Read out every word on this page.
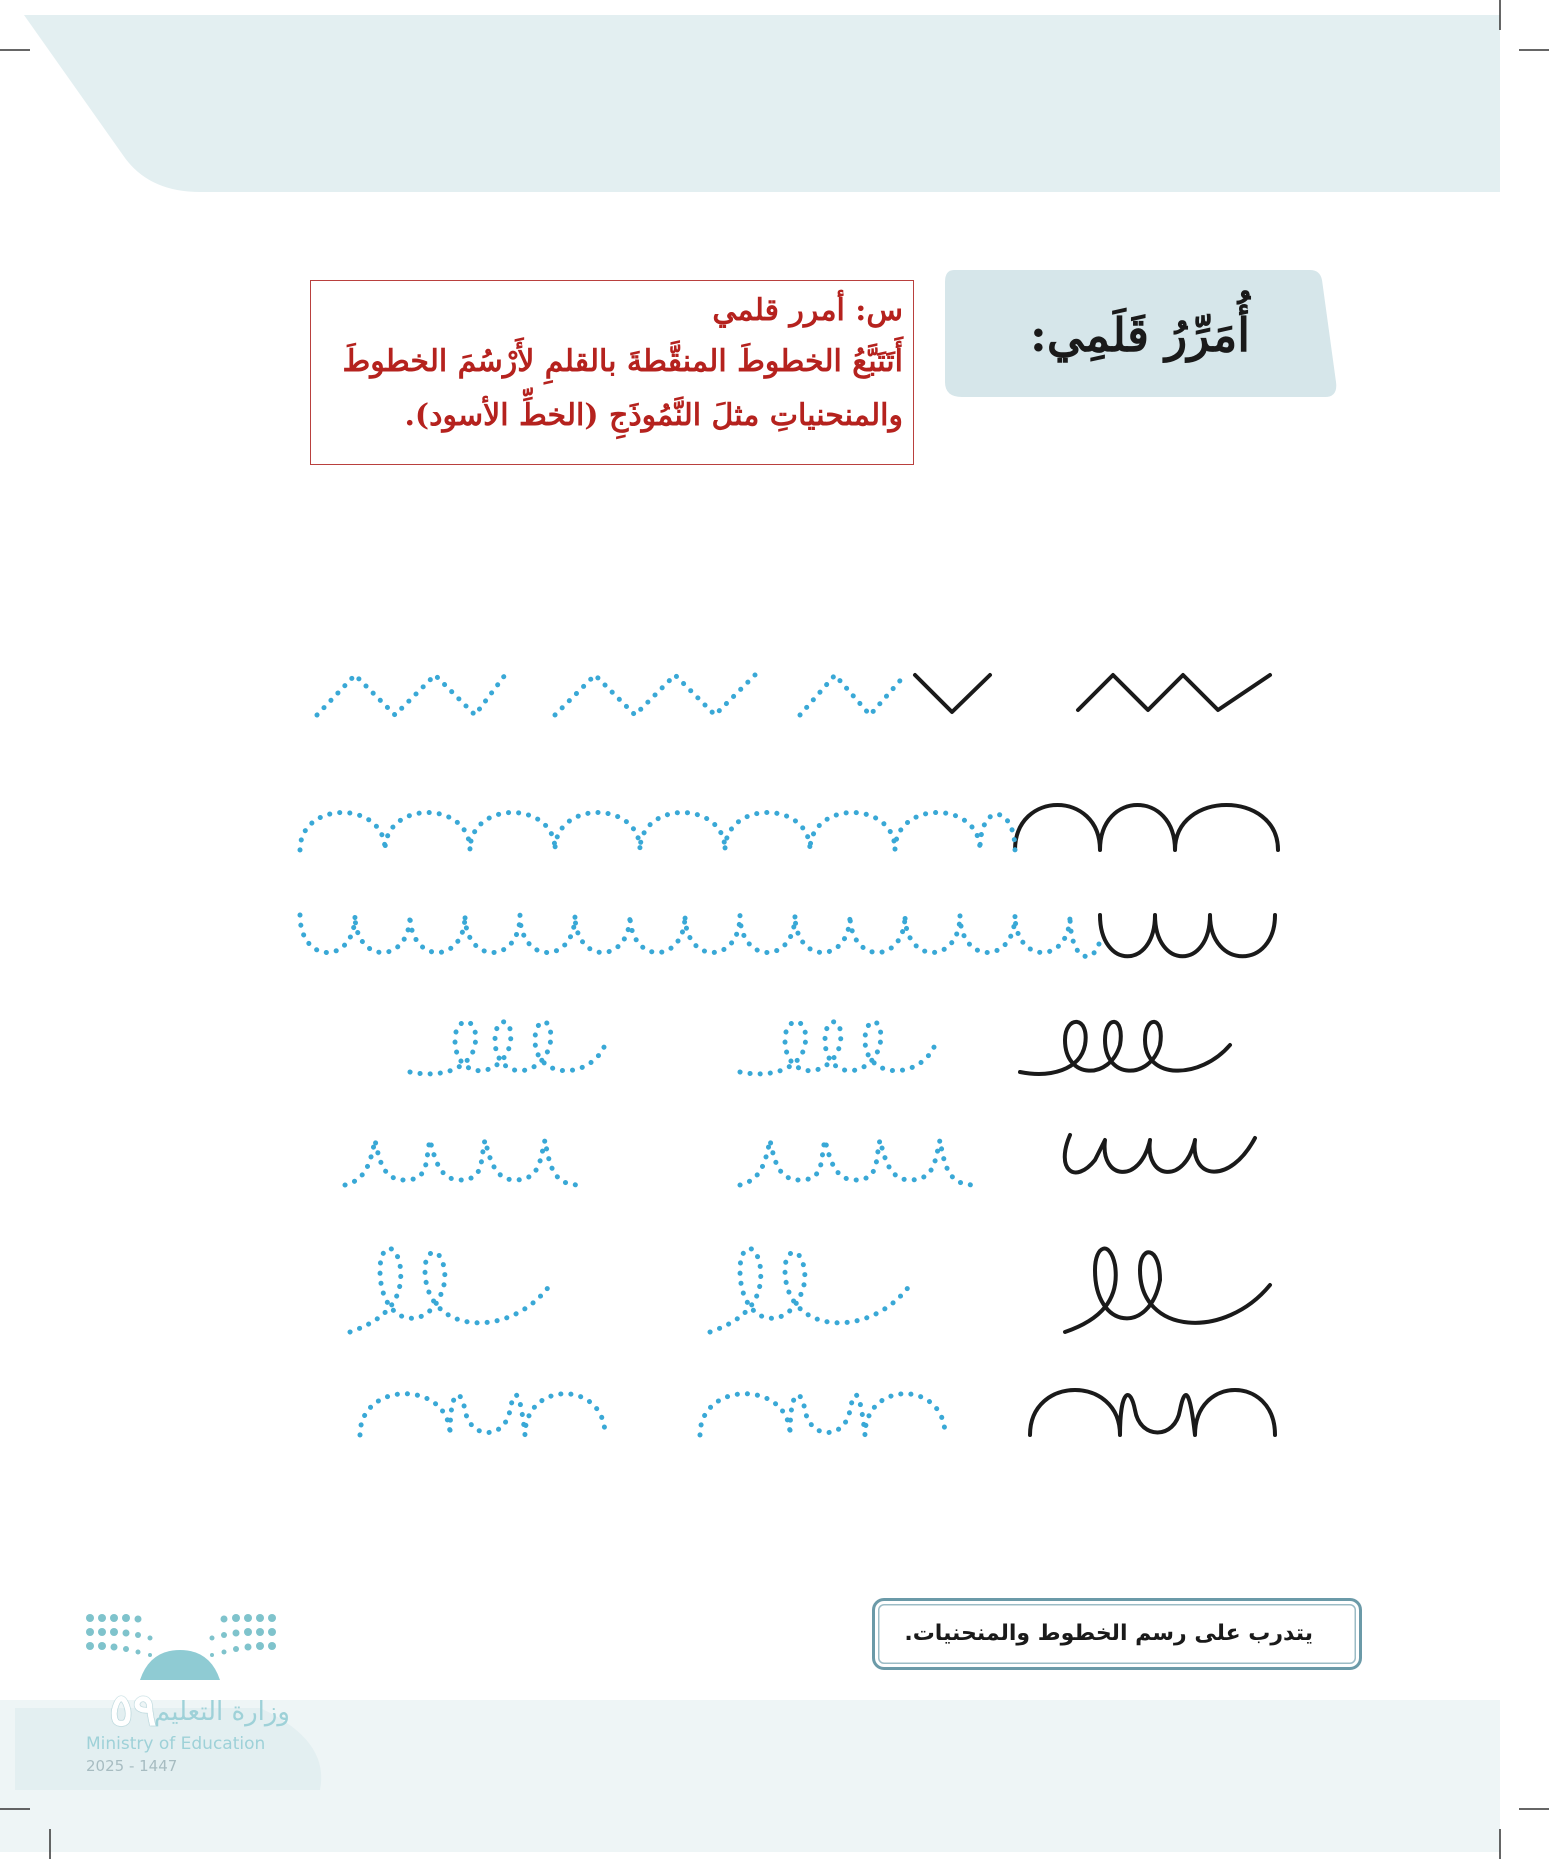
أُمَرِّرُ قَلَمِي:
س: أمرر قلمي
أَتَتَبَّعُ الخطوطَ المنقَّطةَ بالقلمِ لأَرْسُمَ الخطوطَ
والمنحنياتِ مثلَ النَّمُوذَجِ (الخطِّ الأسود).
يتدرب على رسم الخطوط والمنحنيات.
٥٩
وزارة التعليم
Ministry of Education
2025 - 1447
